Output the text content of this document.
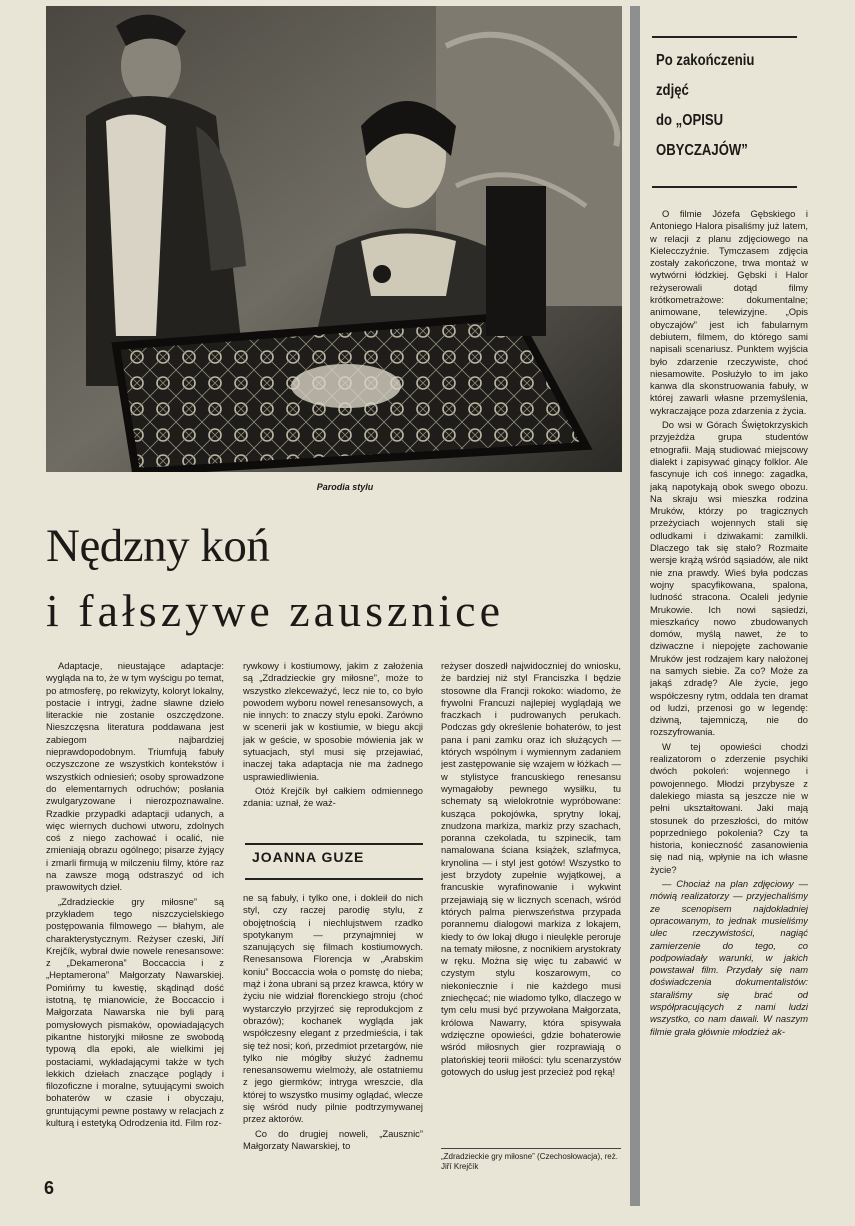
Parodia stylu
Po zakończeniu
zdjęć
do „OPISU
OBYCZAJÓW”

O filmie Józefa Gębskiego i Antoniego Halora pisaliśmy już latem, w relacji z planu zdjęciowego na Kielecczyźnie. Tymczasem zdjęcia zostały zakończone, trwa montaż w wytwórni łódzkiej. Gębski i Halor reżyserowali dotąd filmy krótkometrażowe: dokumentalne; animowane, telewizyjne. „Opis obyczajów” jest ich fabularnym debiutem, filmem, do którego sami napisali scenariusz. Punktem wyjścia było zdarzenie rzeczywiste, choć niesamowite. Posłużyło to im jako kanwa dla skonstruowania fabuły, w której zawarli własne przemyślenia, wykraczające poza zdarzenia z życia.

Do wsi w Górach Świętokrzyskich przyjeżdża grupa studentów etnografii. Mają studiować miejscowy dialekt i zapisywać ginący folklor. Ale fascynuje ich coś innego: zagadka, jaką napotykają obok swego obozu. Na skraju wsi mieszka rodzina Mruków, którzy po tragicznych przeżyciach wojennych stali się odludkami i dziwakami: zamilkli. Dlaczego tak się stało? Rozmaite wersje krążą wśród sąsiadów, ale nikt nie zna prawdy. Wieś była podczas wojny spacyfikowana, spalona, ludność stracona. Ocaleli jedynie Mrukowie. Ich nowi sąsiedzi, mieszkańcy nowo zbudowanych domów, myślą nawet, że to dziwaczne i niepojęte zachowanie Mruków jest rodzajem kary nałożonej na samych siebie. Za co? Może za jakąś zdradę? Ale życie, jego współczesny rytm, oddala ten dramat od ludzi, przenosi go w legendę: dziwną, tajemniczą, nie do rozszyfrowania.

W tej opowieści chodzi realizatorom o zderzenie psychiki dwóch pokoleń: wojennego i powojennego. Młodzi przybysze z dalekiego miasta są jeszcze nie w pełni ukształtowani. Jaki mają stosunek do przeszłości, do mitów poprzedniego pokolenia? Czy ta historia, konieczność zasanowienia się nad nią, wpłynie na ich własne życie?

— Chociaż na plan zdjęciowy — mówią realizatorzy — przyjechaliśmy ze scenopisem najdokładniej opracowanym, to jednak musieliśmy ulec rzeczywistości, nagiąć zamierzenie do tego, co podpowiadały warunki, w jakich powstawał film. Przydały się nam doświadczenia dokumentalistów: staraliśmy się brać od współpracujących z nami ludzi wszystko, co nam dawali. W naszym filmie grała głównie młodzież ak-

Nędzny koń
i fałszywe zausznice

Adaptacje, nieustające adaptacje: wygląda na to, że w tym wyścigu po temat, po atmosferę, po rekwizyty, koloryt lokalny, postacie i intrygi, żadne sławne dzieło literackie nie zostanie oszczędzone. Nieszczęsna literatura poddawana jest zabiegom najbardziej nieprawdopodobnym. Triumfują fabuły oczyszczone ze wszystkich kontekstów i wszystkich odniesień; osoby sprowadzone do elementarnych odruchów; posłania zwulgaryzowane i nierozpoznawalne. Rzadkie przypadki adaptacji udanych, a więc wiernych duchowi utworu, zdolnych coś z niego zachować i ocalić, nie zmieniają obrazu ogólnego; pisarze żyjący i zmarli firmują w milczeniu filmy, które raz na zawsze mogą odstraszyć od ich prawowitych dzieł.

„Zdradzieckie gry miłosne” są przykładem tego niszczycielskiego postępowania filmowego — błahym, ale charakterystycznym. Reżyser czeski, Jiří Krejčík, wybrał dwie nowele renesansowe: z „Dekamerona” Boccaccia i z „Heptamerona” Małgorzaty Nawarskiej. Pomińmy tu kwestię, skądinąd dość istotną, tę mianowicie, że Boccaccio i Małgorzata Nawarska nie byli parą pomysłowych pismaków, opowiadających pikantne historyjki miłosne ze swobodą typową dla epoki, ale wielkimi jej postaciami, wykładającymi także w tych lekkich dziełach znaczące poglądy i filozoficzne i moralne, sytuującymi swoich bohaterów w czasie i obyczaju, gruntującymi pewne postawy w relacjach z kulturą i estetyką Odrodzenia itd. Film roz-

rywkowy i kostiumowy, jakim z założenia są „Zdradzieckie gry miłosne”, może to wszystko zlekceważyć, lecz nie to, co było powodem wyboru nowel renesansowych, a nie innych: to znaczy stylu epoki. Zarówno w scenerii jak w kostiumie, w biegu akcji jak w geście, w sposobie mówienia jak w sytuacjach, styl musi się przejawiać, inaczej taka adaptacja nie ma żadnego usprawiedliwienia.

Otóż Krejčík był całkiem odmiennego zdania: uznał, że waż-

JOANNA GUZE

ne są fabuły, i tylko one, i dokleił do nich styl, czy raczej parodię stylu, z obojętnością i niechlujstwem rzadko spotykanym — przynajmniej w szanujących się filmach kostiumowych. Renesansowa Florencja w „Arabskim koniu” Boccaccia woła o pomstę do nieba; mąż i żona ubrani są przez krawca, który w życiu nie widział florenckiego stroju (choć wystarczyło przyjrzeć się reprodukcjom z obrazów); kochanek wygląda jak współczesny elegant z przedmieścia, i tak się też nosi; koń, przedmiot przetargów, nie tylko nie mógłby służyć żadnemu renesansowemu wielmoży, ale ostatniemu z jego giermków; intryga wreszcie, dla której to wszystko musimy oglądać, wlecze się wśród nudy pilnie podtrzymywanej przez aktorów.

Co do drugiej noweli, „Zausznic” Małgorzaty Nawarskiej, to

reżyser doszedł najwidoczniej do wniosku, że bardziej niż styl Franciszka I będzie stosowne dla Francji rokoko: wiadomo, że frywolni Francuzi najlepiej wyglądają we fraczkach i pudrowanych perukach. Podczas gdy określenie bohaterów, to jest pana i pani zamku oraz ich służących — których wspólnym i wymiennym zadaniem jest zastępowanie się wzajem w łóżkach — w stylistyce francuskiego renesansu wymagałoby pewnego wysiłku, tu schematy są wielokrotnie wypróbowane: kusząca pokojówka, sprytny lokaj, znudzona markiza, markiz przy szachach, poranna czekolada, tu szpinecik, tam namalowana ściana książek, szlafmyca, krynolina — i styl jest gotów! Wszystko to jest brzydoty zupełnie wyjątkowej, a francuskie wyrafinowanie i wykwint przejawiają się w licznych scenach, wśród których palma pierwszeństwa przypada porannemu dialogowi markiza z lokajem, kiedy to ów lokaj długo i nieulękle peroruje na tematy miłosne, z nocnikiem arystokraty w ręku. Można się więc tu zabawić w czystym stylu koszarowym, co niekoniecznie i nie każdego musi zniechęcać; nie wiadomo tylko, dlaczego w tym celu musi być przywołana Małgorzata, królowa Nawarry, która spisywała wdzięczne opowieści, gdzie bohaterowie wśród miłosnych gier rozprawiają o platońskiej teorii miłości: tylu scenarzystów gotowych do usług jest przecież pod ręką!

„Zdradzieckie gry miłosne” (Czechosłowacja), reż. Jiří Krejčík
6
